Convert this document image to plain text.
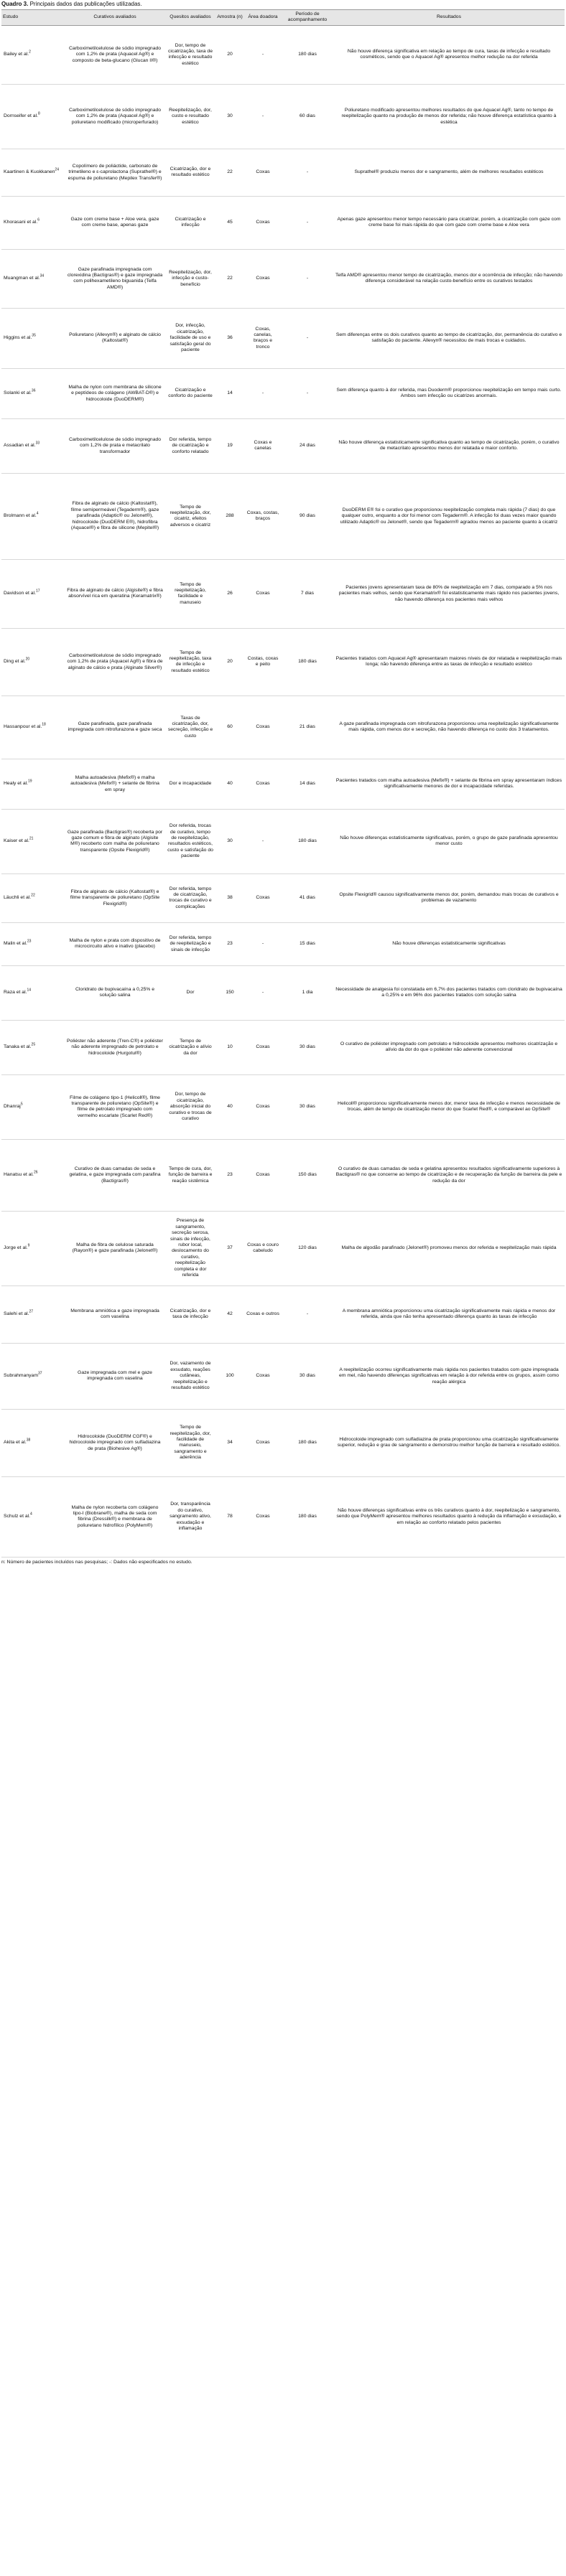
Quadro 3. Principais dados das publicações utilizadas.
Estudo	Curativos avaliados	Quesitos avaliados	Amostra (n)	Área doadora	Período de acompanhamento	Resultados
Bailey et al.$^2$	Carboximetilcelulose de sódio impregnado com 1,2% de prata (Aquacel Ag®) e composto de beta-glucano (Glucan II®)	Dor, tempo de cicatrização, taxa de infecção e resultado estético	20	-	180 dias	Não houve diferença significativa em relação ao tempo de cura, taxas de infecção e resultado cosméticos, sendo que o Aquacel Ag® apresentou melhor redução na dor referida
Dornseifer et al.$^8$	Carboximetilcelulose de sódio impregnado com 1,2% de prata (Aquacel Ag®) e poliuretano modificado (microperfurado)	Reepitelização, dor, custo e resultado estético	30	-	60 dias	Poliuretano modificado apresentou melhores resultados do que Aquacel Ag®, tanto no tempo de reepitelização quanto na produção de menos dor referida; não houve diferença estatística quanto à estética
Kaartinen & Kuokkanen$^{24}$	Copolímero de poliáctide, carbonato de trimetileno e ε-caprolactona (Suprathel®) e espuma de poliuretano (Mepilex Transfer®)	Cicatrização, dor e resultado estético	22	Coxas	-	Suprathel® produziu menos dor e sangramento, além de melhores resultados estéticos
Khorasani et al.$^6$	Gaze com creme base + Aloe vera, gaze com creme base, apenas gaze	Cicatrização e infecção	45	Coxas	-	Apenas gaze apresentou menor tempo necessário para cicatrizar, porém, a cicatrização com gaze com creme base foi mais rápida do que com gaze com creme base e Aloe vera
Muangman et al.$^{34}$	Gaze parafinada impregnada com clorexidina (Bactigras®) e gaze impregnada com polihexametileno biguanida (Telfa AMD®)	Reepitelização, dor, infecção e custo-benefício	22	Coxas	-	Telfa AMD® apresentou menor tempo de cicatrização, menos dor e ocorrência de infecção; não havendo diferença considerável na relação custo-benefício entre os curativos testados
Higgins et al.$^{35}$	Poliuretano (Allevyn®) e alginato de cálcio (Kaltostat®)	Dor, infecção, cicatrização, facilidade de uso e satisfação geral do paciente	36	Coxas, canelas, braços e tronco	-	Sem diferenças entre os dois curativos quanto ao tempo de cicatrização, dor, permanência do curativo e satisfação do paciente. Allevyn® necessitou de mais trocas e cuidados.
Solanki et al.$^{36}$	Malha de nylon com membrana de silicone e peptídeos de colágeno (AWBAT-D®) e hidrocoloide (DuoDERM®)	Cicatrização e conforto do paciente	14	-	-	Sem diferença quanto à dor referida, mas Duoderm® proporcionou reepitelização em tempo mais curto. Ambos sem infecção ou cicatrizes anormais.
Assadian et al.$^{33}$	Carboximetilcelulose de sódio impregnado com 1,2% de prata e metacrilato transformador	Dor referida, tempo de cicatrização e conforto relatado	19	Coxas e canelas	24 dias	Não houve diferença estatisticamente significativa quanto ao tempo de cicatrização, porém, o curativo de metacrilato apresentou menos dor relatada e maior conforto.
Brolmann et al.$^4$	Fibra de alginato de cálcio (Kaltostat®), filme semipermeável (Tegaderm®), gaze parafinada (Adaptic® ou Jelonet®), hidrocoloide (DuoDERM E®), hidrofibra (Aquacel®) e fibra de silicone (Mepitel®)	Tempo de reepitelização, dor, cicatriz, efeitos adversos e cicatriz	288	Coxas, costas, braços	90 dias	DuoDERM E® foi o curativo que proporcionou reepitelização completa mais rápida (7 dias) do que qualquer outro, enquanto a dor foi menor com Tegaderm®. A infecção foi duas vezes maior quando utilizado Adaptic® ou Jelonet®, sendo que Tegaderm® agradou menos ao paciente quanto à cicatriz
Davidson et al.$^{17}$	Fibra de alginato de cálcio (Algisite®) e fibra absorvível rica em queratina (Keramatrix®)	Tempo de reepitelização, facilidade e manuseio	26	Coxas	7 dias	Pacientes jovens apresentaram taxa de 80% de reepitelização em 7 dias, comparado a 5% nos pacientes mais velhos, sendo que Keramatrix® foi estatisticamente mais rápido nos pacientes jovens, não havendo diferença nos pacientes mais velhos
Ding et al.$^{20}$	Carboximetilcelulose de sódio impregnado com 1,2% de prata (Aquacel Ag®) e fibra de alginato de cálcio e prata (Alginate Silver®)	Tempo de reepitelização, taxa de infecção e resultado estético	20	Costas, coxas e peito	180 dias	Pacientes tratados com Aquacel Ag® apresentaram maiores níveis de dor relatada e reepitelização mais longa; não havendo diferença entre as taxas de infecção e resultado estético
Hassanpour et al.$^{18}$	Gaze parafinada, gaze parafinada impregnada com nitrofurazona e gaze seca	Taxas de cicatrização, dor, secreção, infecção e custo	60	Coxas	21 dias	A gaze parafinada impregnada com nitrofurazona proporcionou uma reepitelização significativamente mais rápida, com menos dor e secreção, não havendo diferença no custo dos 3 tratamentos.
Healy et al.$^{19}$	Malha autoadesiva (Mefix®) e malha autoadesiva (Mefix®) + selante de fibrina em spray	Dor e incapacidade	40	Coxas	14 dias	Pacientes tratados com malha autoadesiva (Mefix®) + selante de fibrina em spray apresentaram índices significativamente menores de dor e incapacidade referidas.
Kaiser et al.$^{21}$	Gaze parafinada (Bactigras®) recoberta por gaze comum e fibra de alginato (Algisite M®) recoberto com malha de poliuretano transparente (Opsite Flexigrid®)	Dor referida, trocas de curativo, tempo de reepitelização, resultados estéticos, custo e satisfação do paciente	30	-	180 dias	Não houve diferenças estatisticamente significativas, porém, o grupo de gaze parafinada apresentou menor custo
Läuchli et al.$^{22}$	Fibra de alginato de cálcio (Kaltostat®) e filme transparente de poliuretano (OpSite Flexigrid®)	Dor referida, tempo de cicatrização, trocas de curativo e complicações	38	Coxas	41 dias	Opsite Flexigrid® causou significativamente menos dor, porém, demandou mais trocas de curativos e problemas de vazamento
Malin et al.$^{23}$	Malha de nylon e prata com dispositivo de microcircuito ativo e inativo (placebo)	Dor referida, tempo de reepitelização e sinais de infecção	23	-	15 dias	Não houve diferenças estatisticamente significativas
Raza et al.$^{14}$	Cloridrato de bupivacaína a 0,25% e solução salina	Dor	150	-	1 dia	Necessidade de analgesia foi constatada em 6,7% dos pacientes tratados com cloridrato de bupivacaína a 0,25% e em 96% dos pacientes tratados com solução salina
Tanaka et al.$^{25}$	Poliéster não aderente (Tren-C®) e poliéster não aderente impregnado de petrolato e hidrocoloide (Hurgotul®)	Tempo de cicatrização e alívio da dor	10	Coxas	30 dias	O curativo de poliéster impregnado com petrolato e hidrocoloide apresentou melhores cicatrização e alívio da dor do que o poliéster não aderente convencional
Dhanraj$^5$	Filme de colágeno tipo-1 (Helicoll®), filme transparente de poliuretano (OpSite®) e filme de petrolato impregnado com vermelho escarlate (Scarlet Red®)	Dor, tempo de cicatrização, absorção inicial do curativo e trocas de curativo	40	Coxas	30 dias	Helicoll® proporcionou significativamente menos dor, menor taxa de infecção e menos necessidade de trocas, além de tempo de cicatrização menor do que Scarlet Red®, e comparável ao OpSite®
Hanatsu et al.$^{26}$	Curativo de duas camadas de seda e gelatina, e gaze impregnada com parafina (Bactigras®)	Tempo de cura, dor, função de barreira e reação sistêmica	23	Coxas	150 dias	O curativo de duas camadas de seda e gelatina apresentou resultados significativamente superiores à Bactigras® no que concerne ao tempo de cicatrização e de recuperação da função de barreira da pele e redução da dor
Jorge et al.$^9$	Malha de fibra de celulose saturada (Rayon®) e gaze parafinada (Jelonet®)	Presença de sangramento, secreção serosa, sinais de infecção, rubor local, deslocamento do curativo, reepitelização completa e dor referida	37	Coxas e couro cabeludo	120 dias	Malha de algodão parafinado (Jelonet®) promoveu menos dor referida e reepitelização mais rápida
Salehi et al.$^{27}$	Membrana amniótica e gaze impregnada com vaselina	Cicatrização, dor e taxa de infecção	42	Coxas e outros	-	A membrana amniótica proporcionou uma cicatrização significativamente mais rápida e menos dor referida, ainda que não tenha apresentado diferença quanto às taxas de infecção
Subrahmanyam$^{37}$	Gaze impregnada com mel e gaze impregnada com vaselina	Dor, vazamento de exsudato, reações cutâneas, reepitelização e resultado estético	100	Coxas	30 dias	A reepitelização ocorreu significativamente mais rápida nos pacientes tratados com gaze impregnada em mel, não havendo diferenças significativas em relação à dor referida entre os grupos, assim como reação alérgica
Akita et al.$^{38}$	Hidrocoloide (DuoDERM CGF®) e hidrocoloide impregnado com sulfadiazina de prata (Biohesive Ag®)	Tempo de reepitelização, dor, facilidade de manuseio, sangramento e aderência	34	Coxas	180 dias	Hidrocoloide impregnado com sulfadiazina de prata proporcionou uma cicatrização significativamente superior, redução e grau de sangramento e demonstrou melhor função de barreira e resultado estético.
Schulz et al.$^4$	Malha de nylon recoberta com colágeno tipo-I (Biobrane®), malha de seda com fibrina (Dressilk®) e membrana de poliuretano hidrofílico (PolyMem®)	Dor, transparência do curativo, sangramento ativo, exsudação e inflamação	78	Coxas	180 dias	Não houve diferenças significativas entre os três curativos quanto à dor, reepitelização e sangramento, sendo que PolyMem® apresentou melhores resultados quanto à redução da inflamação e exsudação, e em relação ao conforto relatado pelos pacientes
n: Número de pacientes incluídos nas pesquisas; -: Dados não especificados no estudo.
